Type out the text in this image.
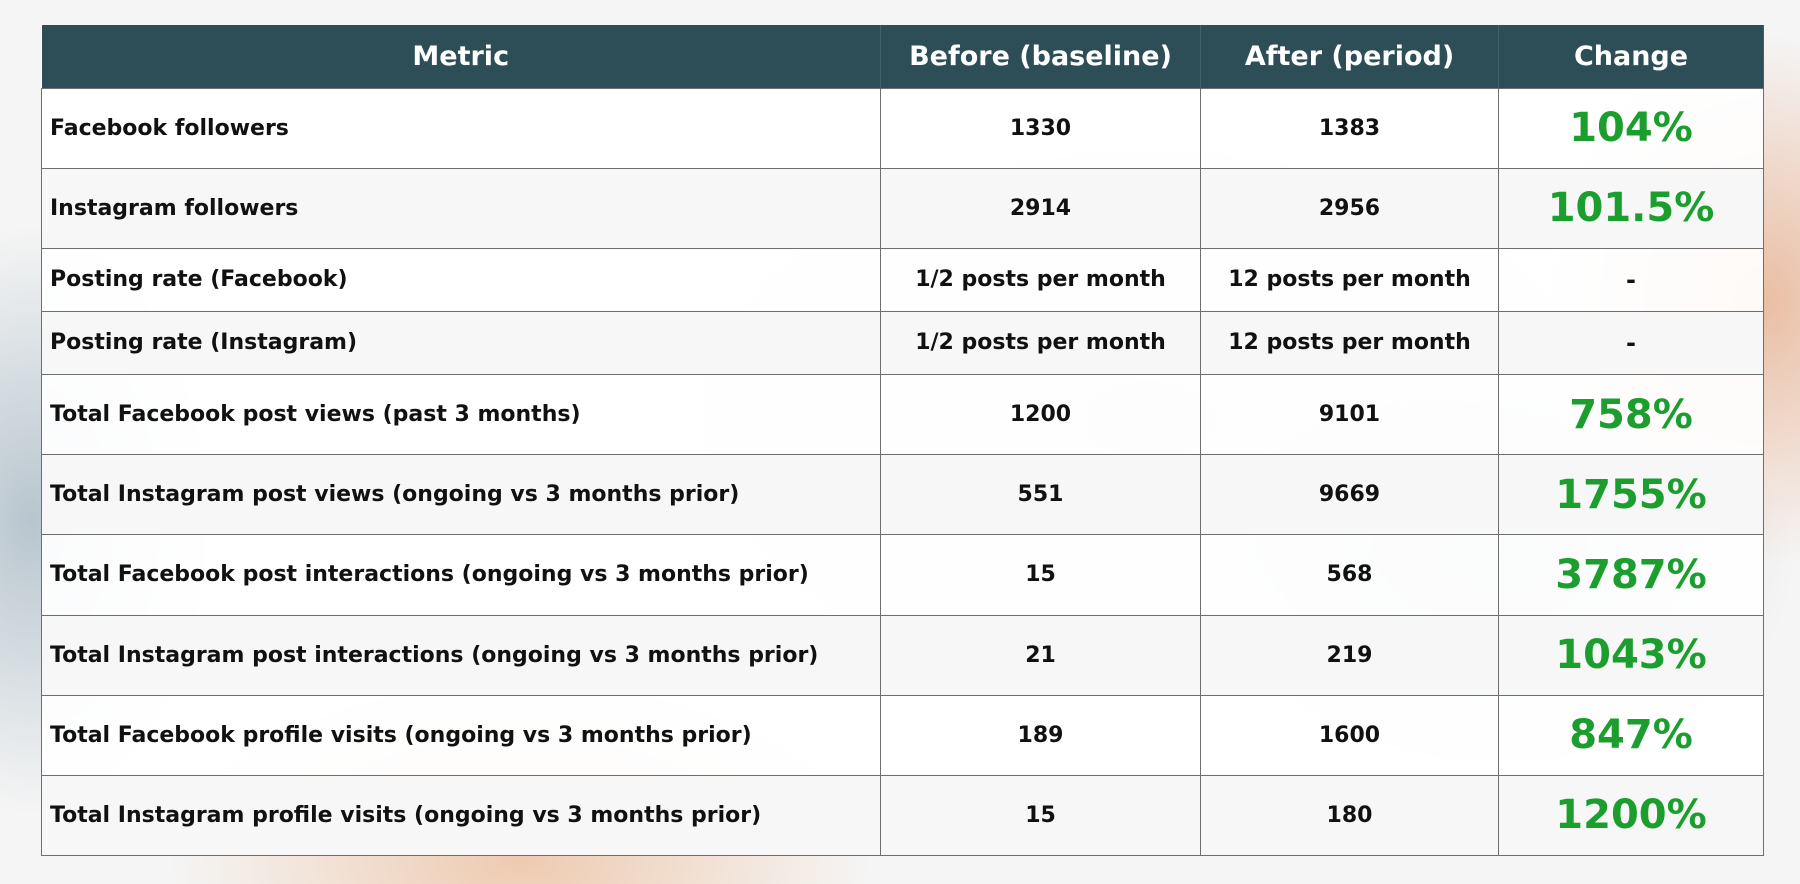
Metric	Before (baseline)	After (period)	Change
Facebook followers	1330	1383	104%
Instagram followers	2914	2956	101.5%
Posting rate (Facebook)	1/2 posts per month	12 posts per month	-
Posting rate (Instagram)	1/2 posts per month	12 posts per month	-
Total Facebook post views (past 3 months)	1200	9101	758%
Total Instagram post views (ongoing vs 3 months prior)	551	9669	1755%
Total Facebook post interactions (ongoing vs 3 months prior)	15	568	3787%
Total Instagram post interactions (ongoing vs 3 months prior)	21	219	1043%
Total Facebook profile visits (ongoing vs 3 months prior)	189	1600	847%
Total Instagram profile visits (ongoing vs 3 months prior)	15	180	1200%
